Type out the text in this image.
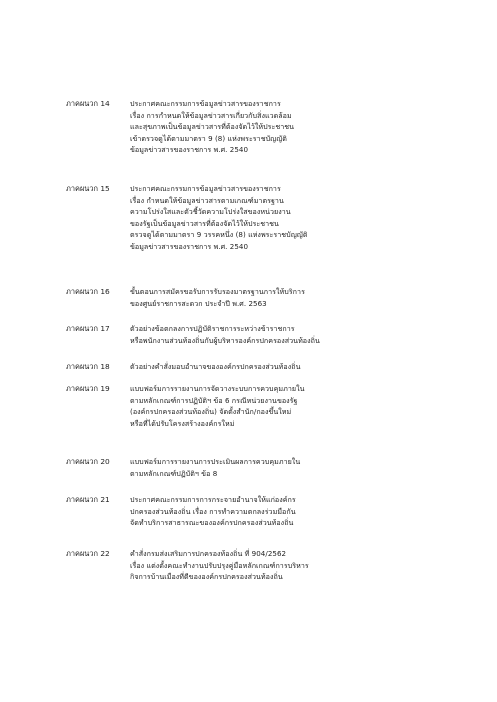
ภาคผนวก 14	ประกาศคณะกรรมการข้อมูลข่าวสารของราชการ
เรื่อง การกำหนดให้ข้อมูลข่าวสารเกี่ยวกับสิ่งแวดล้อม
และสุขภาพเป็นข้อมูลข่าวสารที่ต้องจัดไว้ให้ประชาชน
เข้าตรวจดูได้ตามมาตรา 9 (8) แห่งพระราชบัญญัติ
ข้อมูลข่าวสารของราชการ พ.ศ. 2540
ภาคผนวก 15	ประกาศคณะกรรมการข้อมูลข่าวสารของราชการ
เรื่อง กำหนดให้ข้อมูลข่าวสารตามเกณฑ์มาตรฐาน
ความโปร่งใสและตัวชี้วัดความโปร่งใสของหน่วยงาน
ของรัฐเป็นข้อมูลข่าวสารที่ต้องจัดไว้ให้ประชาชน
ตรวจดูได้ตามมาตรา 9 วรรคหนึ่ง (8) แห่งพระราชบัญญัติ
ข้อมูลข่าวสารของราชการ พ.ศ. 2540
ภาคผนวก 16	ขั้นตอนการสมัครขอรับการรับรองมาตรฐานการให้บริการ
ของศูนย์ราชการสะดวก ประจำปี พ.ศ. 2563
ภาคผนวก 17	ตัวอย่างข้อตกลงการปฏิบัติราชการระหว่างข้าราชการ
หรือพนักงานส่วนท้องถิ่นกับผู้บริหารองค์กรปกครองส่วนท้องถิ่น
ภาคผนวก 18	ตัวอย่างคำสั่งมอบอำนาจขององค์กรปกครองส่วนท้องถิ่น
ภาคผนวก 19	แบบฟอร์มการรายงานการจัดวางระบบการควบคุมภายใน
ตามหลักเกณฑ์การปฏิบัติฯ ข้อ 6 กรณีหน่วยงานของรัฐ
(องค์กรปกครองส่วนท้องถิ่น) จัดตั้งสำนัก/กองขึ้นใหม่
หรือที่ได้ปรับโครงสร้างองค์กรใหม่
ภาคผนวก 20	แบบฟอร์มการรายงานการประเมินผลการควบคุมภายใน
ตามหลักเกณฑ์ปฏิบัติฯ ข้อ 8
ภาคผนวก 21	ประกาศคณะกรรมการการกระจายอำนาจให้แก่องค์กร
ปกครองส่วนท้องถิ่น เรื่อง การทำความตกลงร่วมมือกัน
จัดทำบริการสาธารณะขององค์กรปกครองส่วนท้องถิ่น
ภาคผนวก 22	คำสั่งกรมส่งเสริมการปกครองท้องถิ่น ที่ 904/2562
เรื่อง แต่งตั้งคณะทำงานปรับปรุงคู่มือหลักเกณฑ์การบริหาร
กิจการบ้านเมืองที่ดีขององค์กรปกครองส่วนท้องถิ่น
